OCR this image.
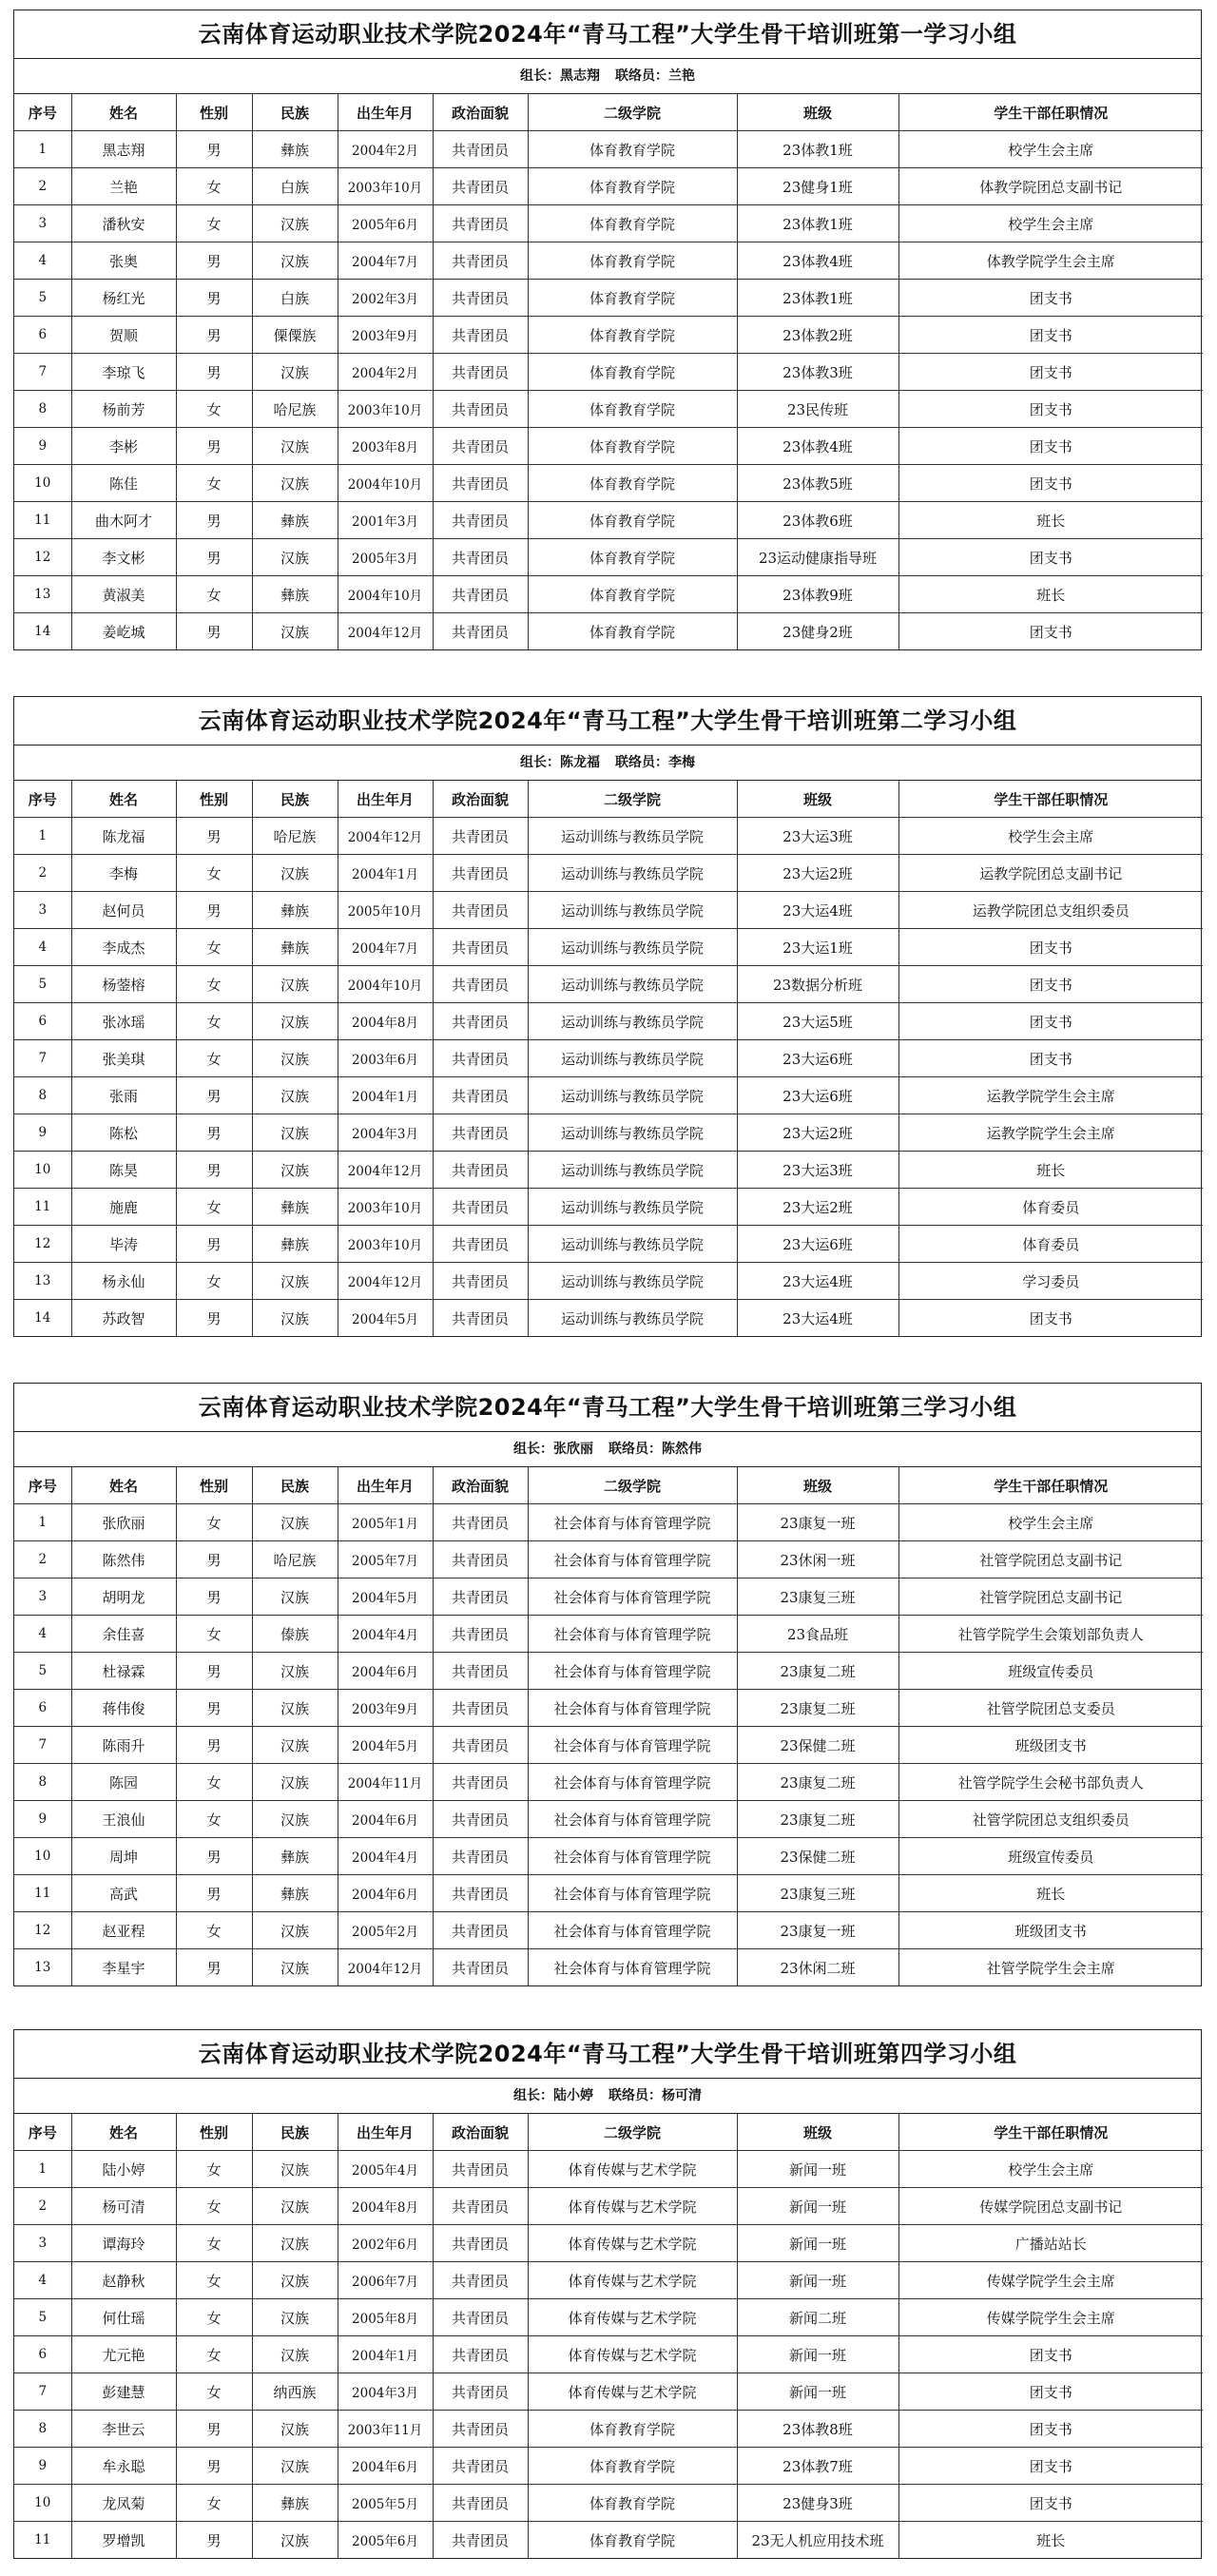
云南体育运动职业技术学院2024年“青马工程”大学生骨干培训班第一学习小组
组长：黑志翔 联络员：兰艳
序号	姓名	性别	民族	出生年月	政治面貌	二级学院	班级	学生干部任职情况
1	黑志翔	男	彝族	2004年2月	共青团员	体育教育学院	23体教1班	校学生会主席
2	兰艳	女	白族	2003年10月	共青团员	体育教育学院	23健身1班	体教学院团总支副书记
3	潘秋安	女	汉族	2005年6月	共青团员	体育教育学院	23体教1班	校学生会主席
4	张奥	男	汉族	2004年7月	共青团员	体育教育学院	23体教4班	体教学院学生会主席
5	杨红光	男	白族	2002年3月	共青团员	体育教育学院	23体教1班	团支书
6	贺顺	男	傈僳族	2003年9月	共青团员	体育教育学院	23体教2班	团支书
7	李琼飞	男	汉族	2004年2月	共青团员	体育教育学院	23体教3班	团支书
8	杨前芳	女	哈尼族	2003年10月	共青团员	体育教育学院	23民传班	团支书
9	李彬	男	汉族	2003年8月	共青团员	体育教育学院	23体教4班	团支书
10	陈佳	女	汉族	2004年10月	共青团员	体育教育学院	23体教5班	团支书
11	曲木阿才	男	彝族	2001年3月	共青团员	体育教育学院	23体教6班	班长
12	李文彬	男	汉族	2005年3月	共青团员	体育教育学院	23运动健康指导班	团支书
13	黄淑美	女	彝族	2004年10月	共青团员	体育教育学院	23体教9班	班长
14	姜屹城	男	汉族	2004年12月	共青团员	体育教育学院	23健身2班	团支书
云南体育运动职业技术学院2024年“青马工程”大学生骨干培训班第二学习小组
组长：陈龙福 联络员：李梅
序号	姓名	性别	民族	出生年月	政治面貌	二级学院	班级	学生干部任职情况
1	陈龙福	男	哈尼族	2004年12月	共青团员	运动训练与教练员学院	23大运3班	校学生会主席
2	李梅	女	汉族	2004年1月	共青团员	运动训练与教练员学院	23大运2班	运教学院团总支副书记
3	赵何员	男	彝族	2005年10月	共青团员	运动训练与教练员学院	23大运4班	运教学院团总支组织委员
4	李成杰	女	彝族	2004年7月	共青团员	运动训练与教练员学院	23大运1班	团支书
5	杨蓥榕	女	汉族	2004年10月	共青团员	运动训练与教练员学院	23数据分析班	团支书
6	张冰瑶	女	汉族	2004年8月	共青团员	运动训练与教练员学院	23大运5班	团支书
7	张美琪	女	汉族	2003年6月	共青团员	运动训练与教练员学院	23大运6班	团支书
8	张雨	男	汉族	2004年1月	共青团员	运动训练与教练员学院	23大运6班	运教学院学生会主席
9	陈松	男	汉族	2004年3月	共青团员	运动训练与教练员学院	23大运2班	运教学院学生会主席
10	陈昊	男	汉族	2004年12月	共青团员	运动训练与教练员学院	23大运3班	班长
11	施鹿	女	彝族	2003年10月	共青团员	运动训练与教练员学院	23大运2班	体育委员
12	毕涛	男	彝族	2003年10月	共青团员	运动训练与教练员学院	23大运6班	体育委员
13	杨永仙	女	汉族	2004年12月	共青团员	运动训练与教练员学院	23大运4班	学习委员
14	苏政智	男	汉族	2004年5月	共青团员	运动训练与教练员学院	23大运4班	团支书
云南体育运动职业技术学院2024年“青马工程”大学生骨干培训班第三学习小组
组长：张欣丽 联络员：陈然伟
序号	姓名	性别	民族	出生年月	政治面貌	二级学院	班级	学生干部任职情况
1	张欣丽	女	汉族	2005年1月	共青团员	社会体育与体育管理学院	23康复一班	校学生会主席
2	陈然伟	男	哈尼族	2005年7月	共青团员	社会体育与体育管理学院	23休闲一班	社管学院团总支副书记
3	胡明龙	男	汉族	2004年5月	共青团员	社会体育与体育管理学院	23康复三班	社管学院团总支副书记
4	余佳喜	女	傣族	2004年4月	共青团员	社会体育与体育管理学院	23食品班	社管学院学生会策划部负责人
5	杜禄霖	男	汉族	2004年6月	共青团员	社会体育与体育管理学院	23康复二班	班级宣传委员
6	蒋伟俊	男	汉族	2003年9月	共青团员	社会体育与体育管理学院	23康复二班	社管学院团总支委员
7	陈雨升	男	汉族	2004年5月	共青团员	社会体育与体育管理学院	23保健二班	班级团支书
8	陈园	女	汉族	2004年11月	共青团员	社会体育与体育管理学院	23康复二班	社管学院学生会秘书部负责人
9	王浪仙	女	汉族	2004年6月	共青团员	社会体育与体育管理学院	23康复二班	社管学院团总支组织委员
10	周坤	男	彝族	2004年4月	共青团员	社会体育与体育管理学院	23保健二班	班级宣传委员
11	高武	男	彝族	2004年6月	共青团员	社会体育与体育管理学院	23康复三班	班长
12	赵亚程	女	汉族	2005年2月	共青团员	社会体育与体育管理学院	23康复一班	班级团支书
13	李星宇	男	汉族	2004年12月	共青团员	社会体育与体育管理学院	23休闲二班	社管学院学生会主席
云南体育运动职业技术学院2024年“青马工程”大学生骨干培训班第四学习小组
组长：陆小婷 联络员：杨可清
序号	姓名	性别	民族	出生年月	政治面貌	二级学院	班级	学生干部任职情况
1	陆小婷	女	汉族	2005年4月	共青团员	体育传媒与艺术学院	新闻一班	校学生会主席
2	杨可清	女	汉族	2004年8月	共青团员	体育传媒与艺术学院	新闻一班	传媒学院团总支副书记
3	谭海玲	女	汉族	2002年6月	共青团员	体育传媒与艺术学院	新闻一班	广播站站长
4	赵静秋	女	汉族	2006年7月	共青团员	体育传媒与艺术学院	新闻一班	传媒学院学生会主席
5	何仕瑶	女	汉族	2005年8月	共青团员	体育传媒与艺术学院	新闻二班	传媒学院学生会主席
6	尤元艳	女	汉族	2004年1月	共青团员	体育传媒与艺术学院	新闻一班	团支书
7	彭建慧	女	纳西族	2004年3月	共青团员	体育传媒与艺术学院	新闻一班	团支书
8	李世云	男	汉族	2003年11月	共青团员	体育教育学院	23体教8班	团支书
9	牟永聪	男	汉族	2004年6月	共青团员	体育教育学院	23体教7班	团支书
10	龙凤菊	女	彝族	2005年5月	共青团员	体育教育学院	23健身3班	团支书
11	罗增凯	男	汉族	2005年6月	共青团员	体育教育学院	23无人机应用技术班	班长
